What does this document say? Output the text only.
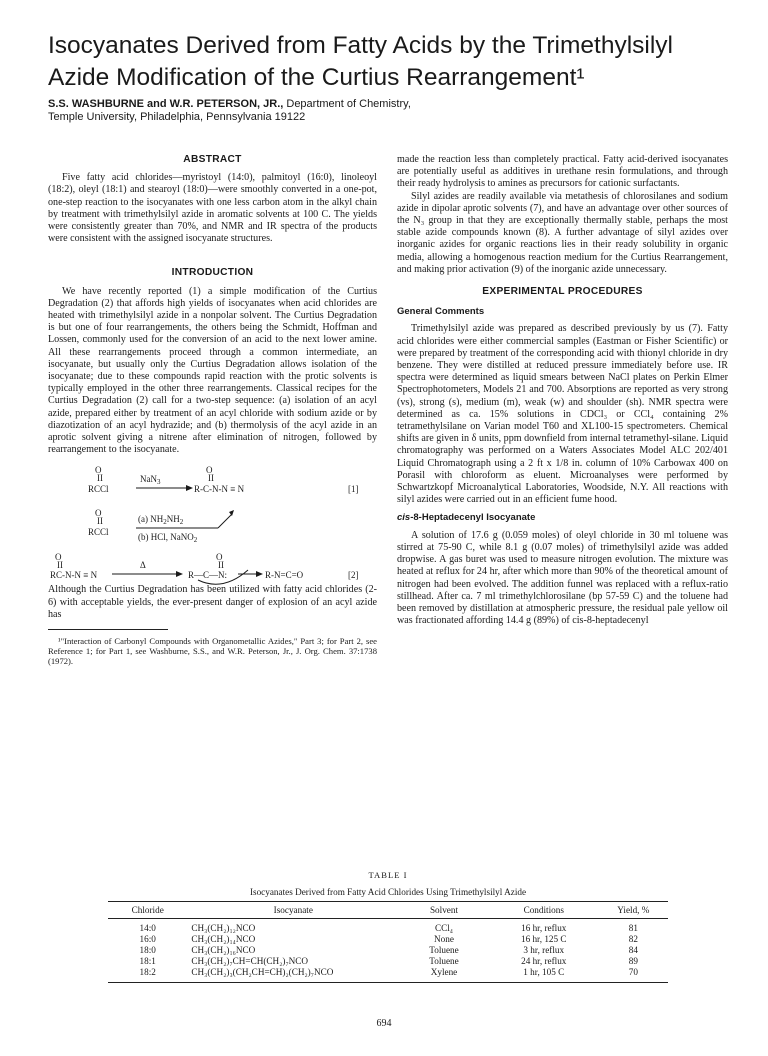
Isocyanates Derived from Fatty Acids by the Trimethylsilyl Azide Modification of the Curtius Rearrangement¹
S.S. WASHBURNE and W.R. PETERSON, JR., Department of Chemistry,
Temple University, Philadelphia, Pennsylvania 19122
ABSTRACT

Five fatty acid chlorides—myristoyl (14:0), palmitoyl (16:0), linoleoyl (18:2), oleyl (18:1) and stearoyl (18:0)—were smoothly converted in a one-pot, one-step reaction to the isocyanates with one less carbon atom in the alkyl chain by treatment with trimethylsilyl azide in aromatic solvents at 100 C. The yields were consistently greater than 70%, and NMR and IR spectra of the products were consistent with the assigned isocyanate structures.

INTRODUCTION

We have recently reported (1) a simple modification of the Curtius Degradation (2) that affords high yields of isocyanates when acid chlorides are heated with trimethylsilyl azide in a nonpolar solvent. The Curtius Degradation is but one of four rearrangements, the others being the Schmidt, Hoffman and Lossen, commonly used for the conversion of an acid to the next lower amine. All these rearrangements proceed through a common intermediate, an isocyanate, but usually only the Curtius Degradation allows isolation of the isocyanate; due to these compounds rapid reaction with the protic solvents is typically employed in the other three rearrangements. Classical recipes for the Curtius Degradation (2) call for a two-step sequence: (a) isolation of an acyl azide, prepared either by treatment of an acyl chloride with sodium azide or by diazotization of an acyl hydrazide; and (b) thermolysis of the acyl azide in an aprotic solvent giving a nitrene after elimination of nitrogen, followed by rearrangement to the isocyanate.

O
II
RCCl
NaN$_3$
O
II
R-C-N-N ≡ N	[1]
O
II
RCCl
(a) $NH_2NH_2$
(b) HCl, NaNO$_2$
O
II
RC-N-N ≡ N
Δ
O
II
R—C—N:	R-N=C=O	[2]

Although the Curtius Degradation has been utilized with fatty acid chlorides (2-6) with acceptable yields, the ever-present danger of explosion of an acyl azide has

¹"Interaction of Carbonyl Compounds with Organometallic Azides," Part 3; for Part 2, see Reference 1; for Part 1, see Washburne, S.S., and W.R. Peterson, Jr., J. Org. Chem. 37:1738 (1972).

made the reaction less than completely practical. Fatty acid-derived isocyanates are potentially useful as additives in urethane resin formulations, and through their ready hydrolysis to amines as precursors for cationic surfactants.

Silyl azides are readily available via metathesis of chlorosilanes and sodium azide in dipolar aprotic solvents (7), and have an advantage over other sources of the N₃ group in that they are exceptionally thermally stable, perhaps the most stable azide compounds known (8). A further advantage of silyl azides over inorganic azides for organic reactions lies in their ready solubility in organic media, allowing a homogenous reaction medium for the Curtius Rearrangement, and making prior activation (9) of the inorganic azide unnecessary.

EXPERIMENTAL PROCEDURES
General Comments

Trimethylsilyl azide was prepared as described previously by us (7). Fatty acid chlorides were either commercial samples (Eastman or Fisher Scientific) or were prepared by treatment of the corresponding acid with thionyl chloride in dry benzene. They were distilled at reduced pressure immediately before use. IR spectra were determined as liquid smears between NaCl plates on Perkin Elmer Spectrophotometers, Models 21 and 700. Absorptions are reported as very strong (vs), strong (s), medium (m), weak (w) and shoulder (sh). NMR spectra were determined as ca. 15% solutions in CDCl₃ or CCl₄ containing 2% tetramethylsilane on Varian model T60 and XL100-15 spectrometers. Chemical shifts are given in δ units, ppm downfield from internal tetramethyl-silane. Liquid chromatography was performed on a Waters Associates Model ALC 202/401 Liquid Chromatograph using a 2 ft x 1/8 in. column of 10% Carbowax 400 on Porasil with chloroform as eluent. Microanalyses were performed by Schwartzkopf Microanalytical Laboratories, Woodside, N.Y. All reactions with silyl azides were carried out in an efficient fume hood.

cis-8-Heptadecenyl Isocyanate

A solution of 17.6 g (0.059 moles) of oleyl chloride in 30 ml toluene was stirred at 75-90 C, while 8.1 g (0.07 moles) of trimethylsilyl azide was added dropwise. A gas buret was used to measure nitrogen evolution. The mixture was heated at reflux for 24 hr, after which more than 90% of the theoretical amount of nitrogen had been evolved. The addition funnel was replaced with a reflux-ratio stillhead. After ca. 7 ml trimethylchlorosilane (bp 57-59 C) and the toluene had been removed by distillation at atmospheric pressure, the residual pale yellow oil was fractionated affording 14.4 g (89%) of cis-8-heptadecenyl

TABLE I
Isocyanates Derived from Fatty Acid Chlorides Using Trimethylsilyl Azide
Chloride	Isocyanate	Solvent	Conditions	Yield, %
14:0	CH₃(CH₂)₁₂NCO	CCl₄	16 hr, reflux	81
16:0	CH₃(CH₂)₁₄NCO	None	16 hr, 125 C	82
18:0	CH₃(CH₂)₁₆NCO	Toluene	3 hr, reflux	84
18:1	CH₃(CH₂)₇CH=CH(CH₂)₇NCO	Toluene	24 hr, reflux	89
18:2	CH₃(CH₂)₃(CH₂CH=CH)₂(CH₂)₇NCO	Xylene	1 hr, 105 C	70
694
